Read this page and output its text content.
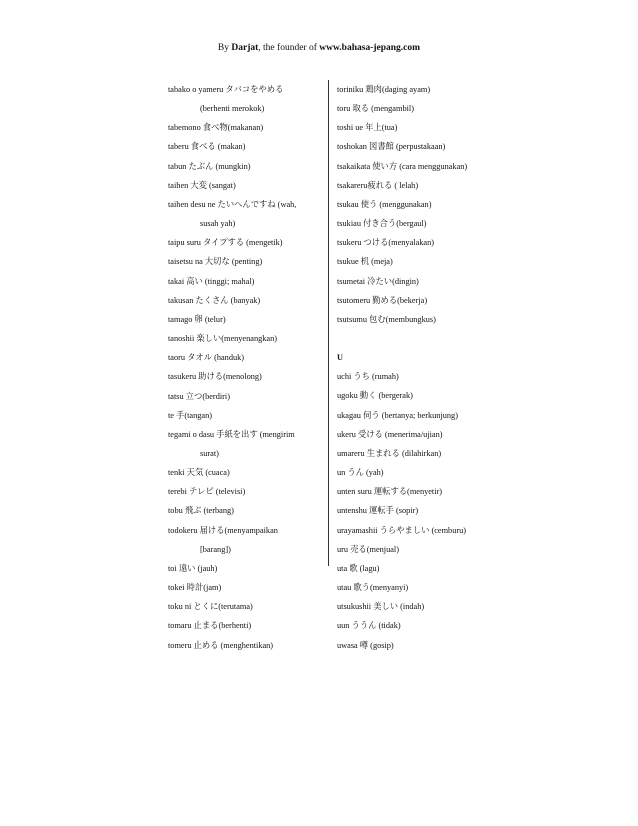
By Darjat, the founder of www.bahasa-jepang.com
tabako o yameru タバコをやめる
(berhenti merokok)
tabemono 食べ物(makanan)
taberu 食べる (makan)
tabun たぶん (mungkin)
taihen 大変 (sangat)
taihen desu ne たいへんですね (wah,
susah yah)
taipu suru タイプする (mengetik)
taisetsu na 大切な (penting)
takai 高い (tinggi; mahal)
takusan たくさん (banyak)
tamago 卵 (telur)
tanoshii 楽しい(menyenangkan)
taoru タオル (handuk)
tasukeru 助ける(menolong)
tatsu 立つ(berdiri)
te 手(tangan)
tegami o dasu 手紙を出す (mengirim
surat)
tenki 天気 (cuaca)
terebi テレビ (televisi)
tobu 飛ぶ (terbang)
todokeru 届ける(menyampaikan
[barang])
toi 遠い (jauh)
tokei 時計(jam)
toku ni とくに(terutama)
tomaru 止まる(berhenti)
tomeru 止める (menghentikan)
toriniku 鶏肉(daging ayam)
toru 取る (mengambil)
toshi ue 年上(tua)
toshokan 図書館 (perpustakaan)
tsakaikata 使い方 (cara menggunakan)
tsakareru疲れる ( lelah)
tsukau 使う (menggunakan)
tsukiau 付き合う(bergaul)
tsukeru つける(menyalakan)
tsukue 机 (meja)
tsumetai 冷たい(dingin)
tsutomeru 勤める(bekerja)
tsutsumu 包む(membungkus)
U
uchi うち (rumah)
ugoku 動く (bergerak)
ukagau 伺う (bertanya; berkunjung)
ukeru 受ける (menerima/ujian)
umareru 生まれる (dilahirkan)
un うん (yah)
unten suru 運転する(menyetir)
untenshu 運転手 (sopir)
urayamashii うらやましい (cemburu)
uru 売る(menjual)
uta 歌 (lagu)
utau 歌う(menyanyi)
utsukushii 美しい (indah)
uun ううん (tidak)
uwasa 噂 (gosip)
